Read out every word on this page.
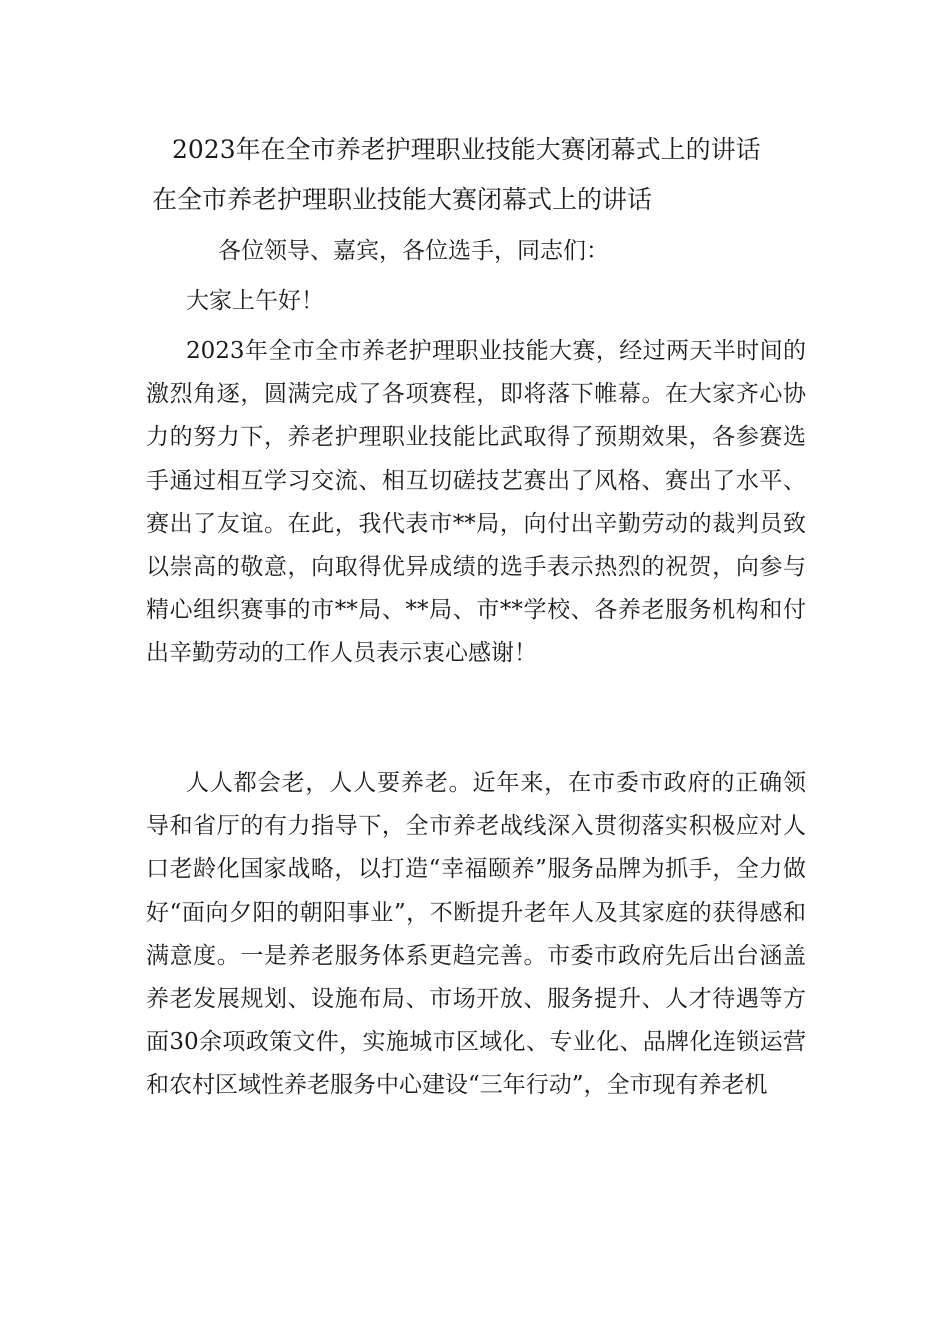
2023年在全市养老护理职业技能大赛闭幕式上的讲话
在全市养老护理职业技能大赛闭幕式上的讲话
各位领导、嘉宾，各位选手，同志们：
大家上午好！

2023年全市全市养老护理职业技能大赛，经过两天半时间的激烈角逐，圆满完成了各项赛程，即将落下帷幕。在大家齐心协力的努力下，养老护理职业技能比武取得了预期效果，各参赛选手通过相互学习交流、相互切磋技艺赛出了风格、赛出了水平、赛出了友谊。在此，我代表市**局，向付出辛勤劳动的裁判员致以崇高的敬意，向取得优异成绩的选手表示热烈的祝贺，向参与精心组织赛事的市**局、**局、市**学校、各养老服务机构和付出辛勤劳动的工作人员表示衷心感谢！

人人都会老，人人要养老。近年来，在市委市政府的正确领导和省厅的有力指导下，全市养老战线深入贯彻落实积极应对人口老龄化国家战略，以打造“幸福颐养”服务品牌为抓手，全力做好“面向夕阳的朝阳事业”，不断提升老年人及其家庭的获得感和满意度。一是养老服务体系更趋完善。市委市政府先后出台涵盖养老发展规划、设施布局、市场开放、服务提升、人才待遇等方面30余项政策文件，实施城市区域化、专业化、品牌化连锁运营和农村区域性养老服务中心建设“三年行动”，全市现有养老机
